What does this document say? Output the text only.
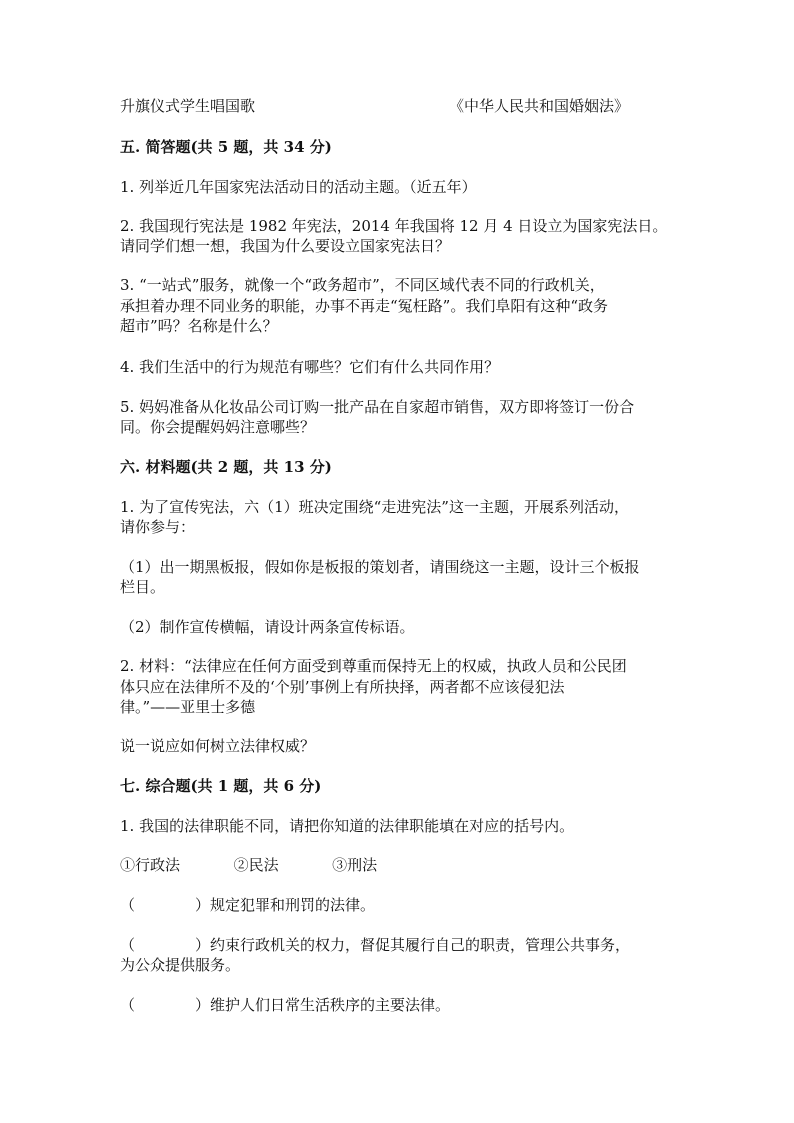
升旗仪式学生唱国歌	《中华人民共和国婚姻法》
五. 简答题(共 5 题，共 34 分)
1. 列举近几年国家宪法活动日的活动主题。（近五年）
2. 我国现行宪法是 1982 年宪法，2014 年我国将 12 月 4 日设立为国家宪法日。
请同学们想一想，我国为什么要设立国家宪法日？
3. “一站式”服务，就像一个“政务超市”，不同区域代表不同的行政机关，
承担着办理不同业务的职能，办事不再走“冤枉路”。我们阜阳有这种“政务
超市”吗？名称是什么？
4. 我们生活中的行为规范有哪些？它们有什么共同作用？
5. 妈妈准备从化妆品公司订购一批产品在自家超市销售，双方即将签订一份合
同。你会提醒妈妈注意哪些？
六. 材料题(共 2 题，共 13 分)
1. 为了宣传宪法，六（1）班决定围绕“走进宪法”这一主题，开展系列活动，
请你参与：
（1）出一期黑板报，假如你是板报的策划者，请围绕这一主题，设计三个板报
栏目。
（2）制作宣传横幅，请设计两条宣传标语。
2. 材料：“法律应在任何方面受到尊重而保持无上的权威，执政人员和公民团
体只应在法律所不及的‘个别’事例上有所抉择，两者都不应该侵犯法
律。”——亚里士多德
说一说应如何树立法律权威？
七. 综合题(共 1 题，共 6 分)
1. 我国的法律职能不同，请把你知道的法律职能填在对应的括号内。
①行政法	②民法	③刑法
（　　　　）规定犯罪和刑罚的法律。
（　　　　）约束行政机关的权力，督促其履行自己的职责，管理公共事务，
为公众提供服务。
（　　　　）维护人们日常生活秩序的主要法律。
